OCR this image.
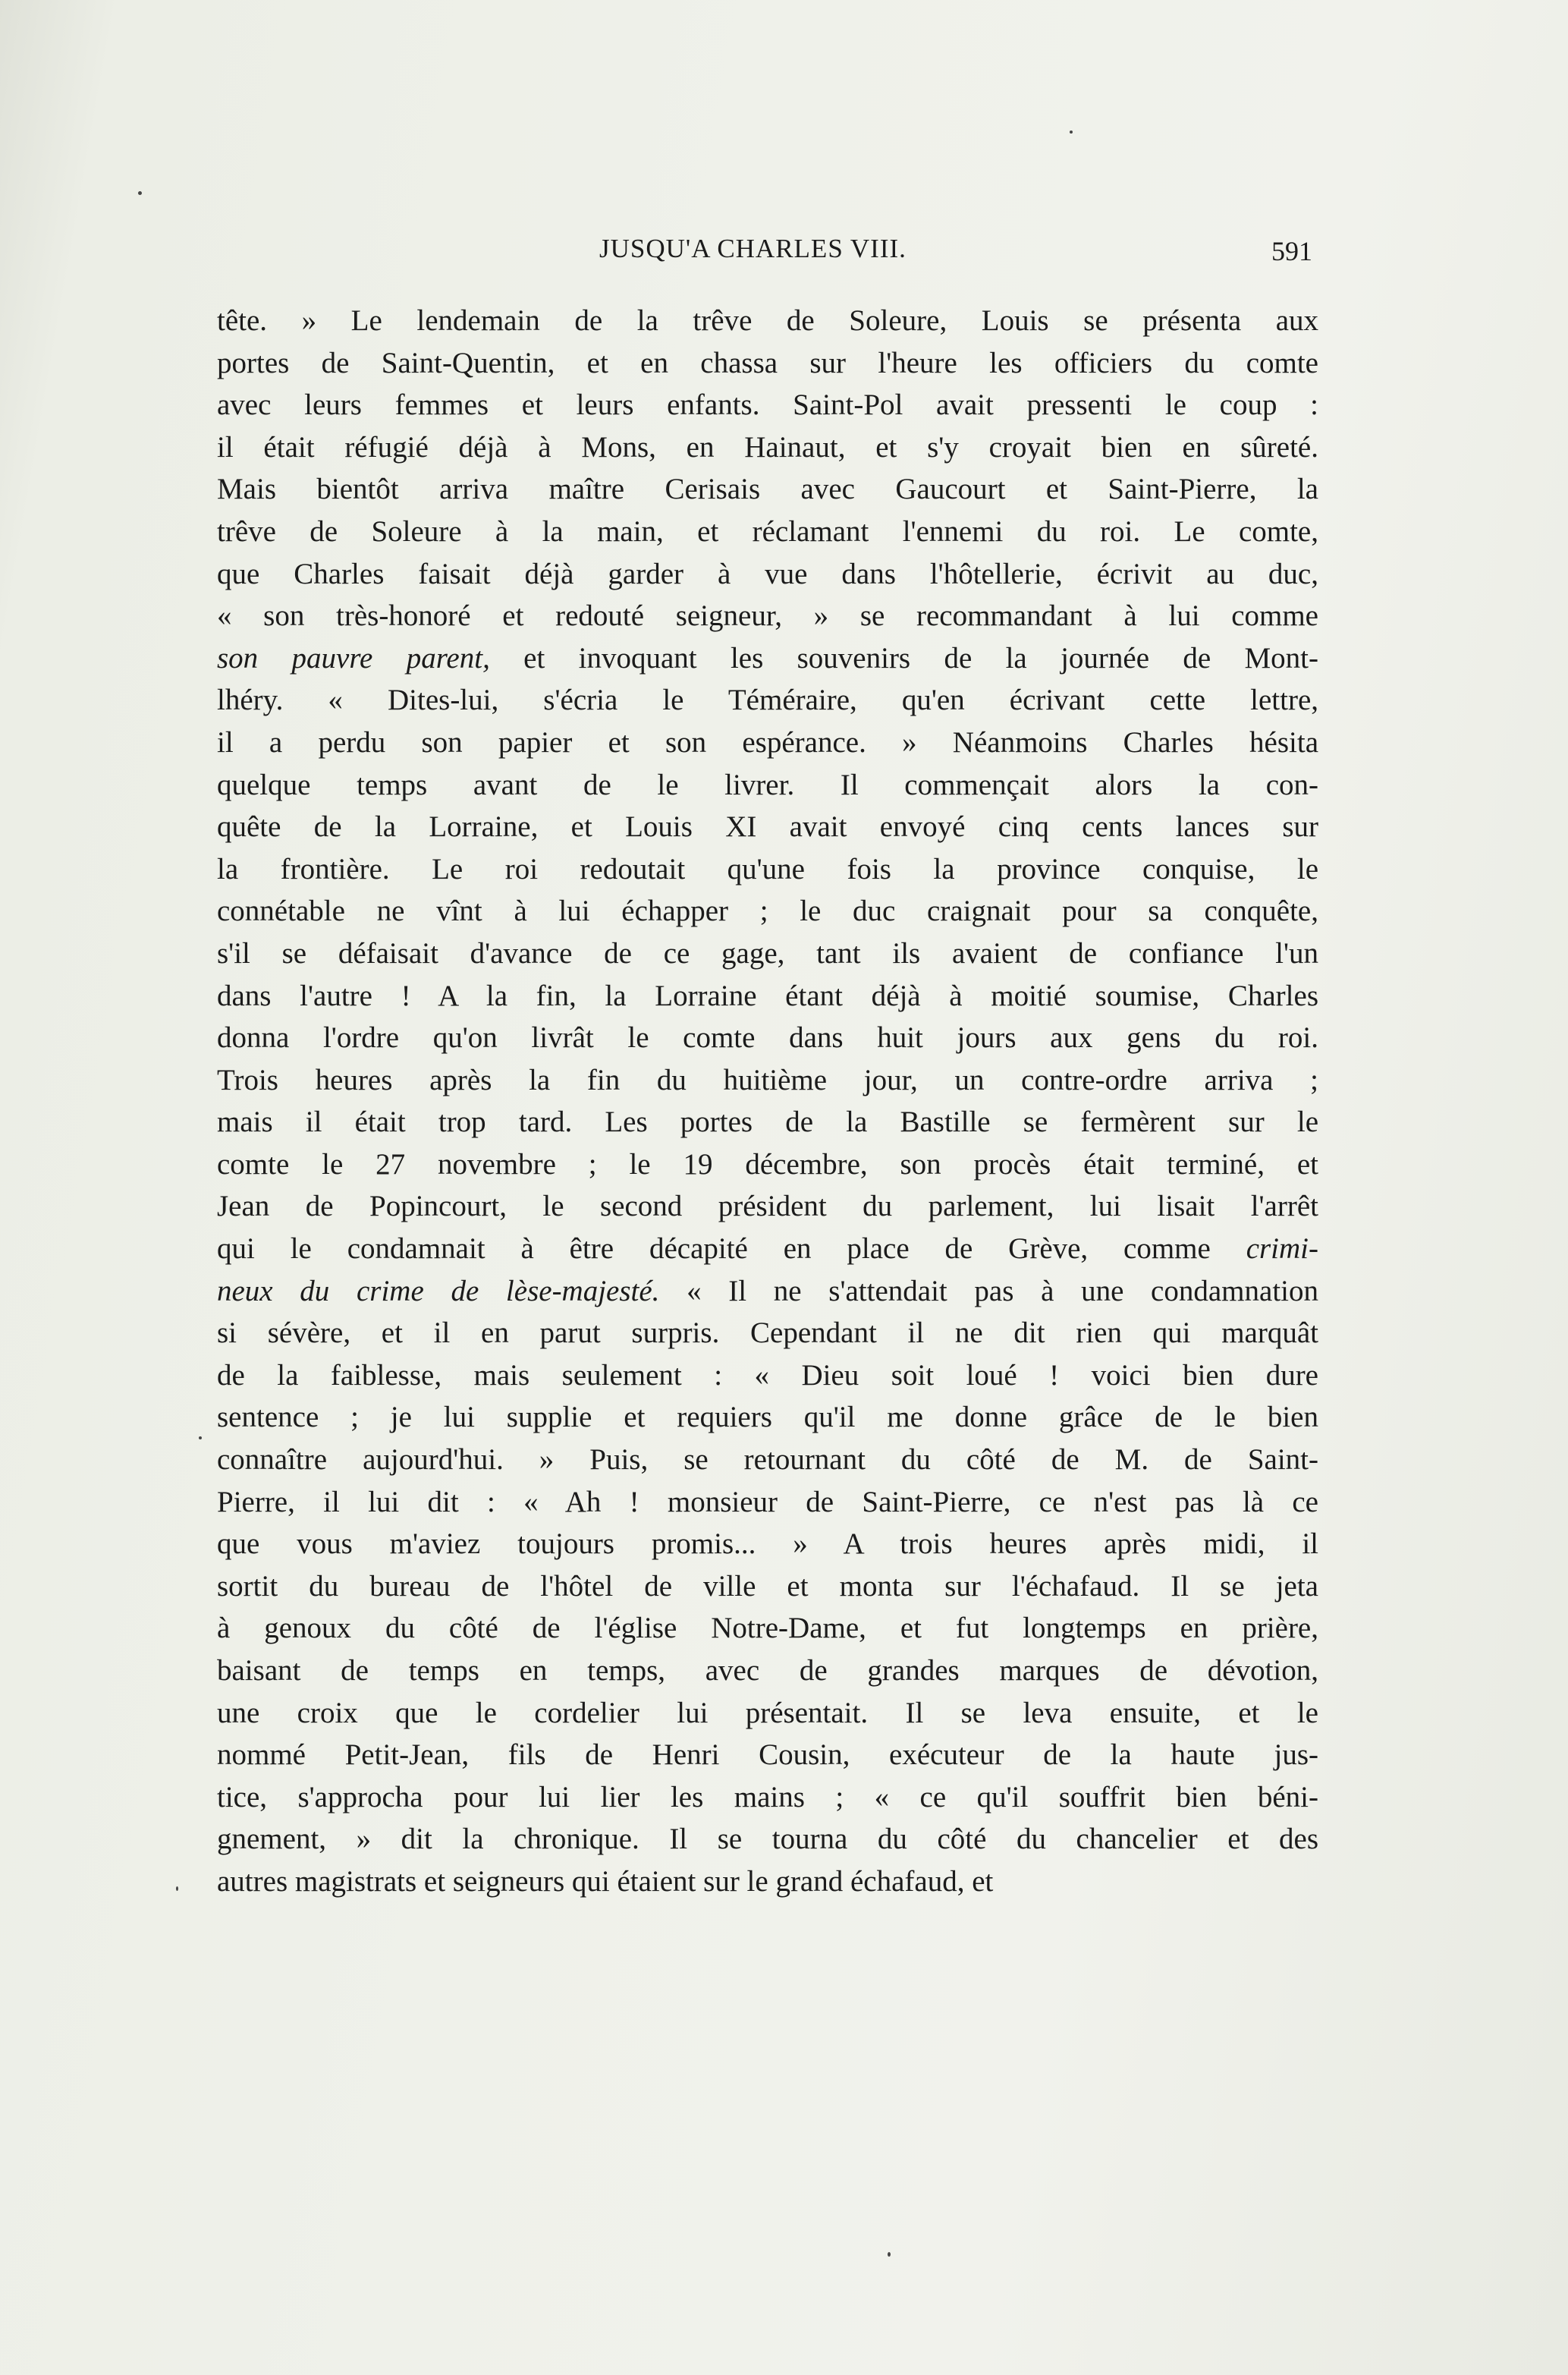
JUSQU'A CHARLES VIII.	591
tête. » Le lendemain de la trêve de Soleure, Louis se présenta aux
portes de Saint-Quentin, et en chassa sur l'heure les officiers du comte
avec leurs femmes et leurs enfants. Saint-Pol avait pressenti le coup :
il était réfugié déjà à Mons, en Hainaut, et s'y croyait bien en sûreté.
Mais bientôt arriva maître Cerisais avec Gaucourt et Saint-Pierre, la
trêve de Soleure à la main, et réclamant l'ennemi du roi. Le comte,
que Charles faisait déjà garder à vue dans l'hôtellerie, écrivit au duc,
« son très-honoré et redouté seigneur, » se recommandant à lui comme
son pauvre parent, et invoquant les souvenirs de la journée de Mont-
lhéry. « Dites-lui, s'écria le Téméraire, qu'en écrivant cette lettre,
il a perdu son papier et son espérance. » Néanmoins Charles hésita
quelque temps avant de le livrer. Il commençait alors la con-
quête de la Lorraine, et Louis XI avait envoyé cinq cents lances sur
la frontière. Le roi redoutait qu'une fois la province conquise, le
connétable ne vînt à lui échapper ; le duc craignait pour sa conquête,
s'il se défaisait d'avance de ce gage, tant ils avaient de confiance l'un
dans l'autre ! A la fin, la Lorraine étant déjà à moitié soumise, Charles
donna l'ordre qu'on livrât le comte dans huit jours aux gens du roi.
Trois heures après la fin du huitième jour, un contre-ordre arriva ;
mais il était trop tard. Les portes de la Bastille se fermèrent sur le
comte le 27 novembre ; le 19 décembre, son procès était terminé, et
Jean de Popincourt, le second président du parlement, lui lisait l'arrêt
qui le condamnait à être décapité en place de Grève, comme crimi-
neux du crime de lèse-majesté. « Il ne s'attendait pas à une condamnation
si sévère, et il en parut surpris. Cependant il ne dit rien qui marquât
de la faiblesse, mais seulement : « Dieu soit loué ! voici bien dure
sentence ; je lui supplie et requiers qu'il me donne grâce de le bien
connaître aujourd'hui. » Puis, se retournant du côté de M. de Saint-
Pierre, il lui dit : « Ah ! monsieur de Saint-Pierre, ce n'est pas là ce
que vous m'aviez toujours promis... » A trois heures après midi, il
sortit du bureau de l'hôtel de ville et monta sur l'échafaud. Il se jeta
à genoux du côté de l'église Notre-Dame, et fut longtemps en prière,
baisant de temps en temps, avec de grandes marques de dévotion,
une croix que le cordelier lui présentait. Il se leva ensuite, et le
nommé Petit-Jean, fils de Henri Cousin, exécuteur de la haute jus-
tice, s'approcha pour lui lier les mains ; « ce qu'il souffrit bien béni-
gnement, » dit la chronique. Il se tourna du côté du chancelier et des
autres magistrats et seigneurs qui étaient sur le grand échafaud, et
